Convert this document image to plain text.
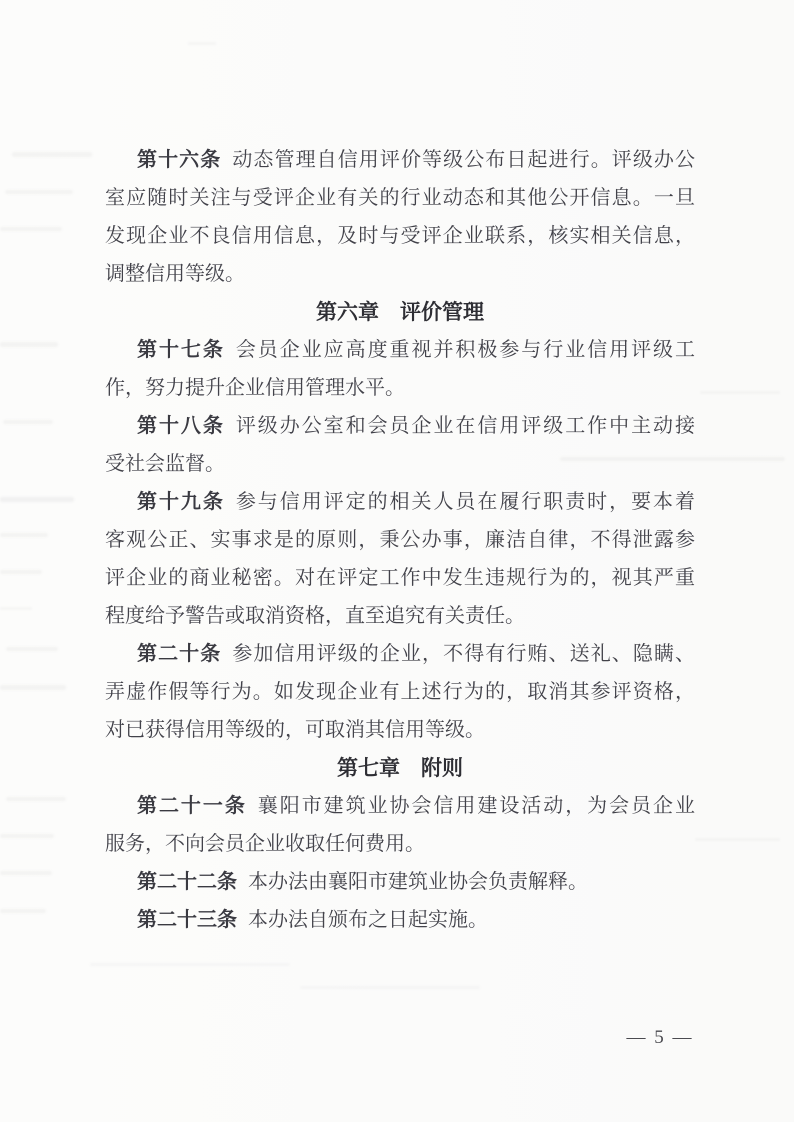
第十六条 动态管理自信用评价等级公布日起进行。评级办公
室应随时关注与受评企业有关的行业动态和其他公开信息。一旦
发现企业不良信用信息，及时与受评企业联系，核实相关信息，
调整信用等级。
第六章　评价管理
第十七条 会员企业应高度重视并积极参与行业信用评级工
作，努力提升企业信用管理水平。
第十八条 评级办公室和会员企业在信用评级工作中主动接
受社会监督。
第十九条 参与信用评定的相关人员在履行职责时，要本着
客观公正、实事求是的原则，秉公办事，廉洁自律，不得泄露参
评企业的商业秘密。对在评定工作中发生违规行为的，视其严重
程度给予警告或取消资格，直至追究有关责任。
第二十条 参加信用评级的企业，不得有行贿、送礼、隐瞒、
弄虚作假等行为。如发现企业有上述行为的，取消其参评资格，
对已获得信用等级的，可取消其信用等级。
第七章　附则
第二十一条 襄阳市建筑业协会信用建设活动，为会员企业
服务，不向会员企业收取任何费用。
第二十二条 本办法由襄阳市建筑业协会负责解释。
第二十三条 本办法自颁布之日起实施。
— 5 —
